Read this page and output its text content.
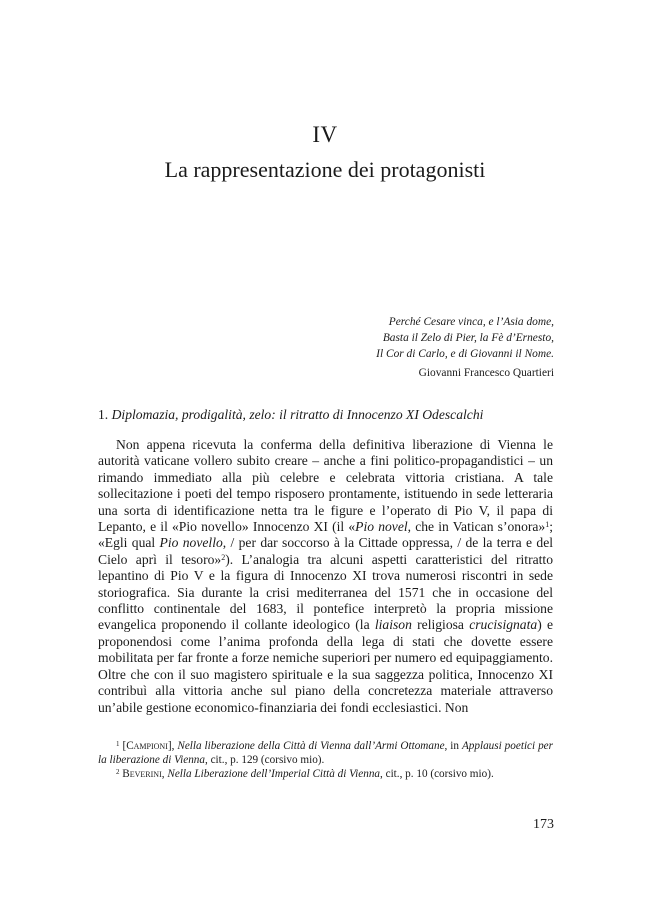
IV
La rappresentazione dei protagonisti
Perché Cesare vinca, e l’Asia dome,
Basta il Zelo di Pier, la Fè d’Ernesto,
Il Cor di Carlo, e di Giovanni il Nome.
Giovanni Francesco Quartieri
1. Diplomazia, prodigalità, zelo: il ritratto di Innocenzo XI Odescalchi

Non appena ricevuta la conferma della definitiva liberazione di Vienna le autorità vaticane vollero subito creare – anche a fini politico-propagandistici – un rimando immediato alla più celebre e celebrata vittoria cristiana. A tale sollecitazione i poeti del tempo risposero prontamente, istituendo in sede letteraria una sorta di identificazione netta tra le figure e l’operato di Pio V, il papa di Lepanto, e il «Pio novello» Innocenzo XI (il «Pio novel, che in Vatican s’onora»$^1$; «Egli qual Pio novello, / per dar soccorso à la Cittade oppressa, / de la terra e del Cielo aprì il tesoro»$^2$). L’analogia tra alcuni aspetti caratteristici del ritratto lepantino di Pio V e la figura di Innocenzo XI trova numerosi riscontri in sede storiografica. Sia durante la crisi mediterranea del 1571 che in occasione del conflitto continentale del 1683, il pontefice interpretò la propria missione evangelica proponendo il collante ideologico (la liaison religiosa crucisignata) e proponendosi come l’anima profonda della lega di stati che dovette essere mobilitata per far fronte a forze nemiche superiori per numero ed equipaggiamento. Oltre che con il suo magistero spirituale e la sua saggezza politica, Innocenzo XI contribuì alla vittoria anche sul piano della concretezza materiale attraverso un’abile gestione economico-finanziaria dei fondi ecclesiastici. Non

$^1$ [Campioni], Nella liberazione della Città di Vienna dall’Armi Ottomane, in Applausi poetici per la liberazione di Vienna, cit., p. 129 (corsivo mio).
$^2$ Beverini, Nella Liberazione dell’Imperial Città di Vienna, cit., p. 10 (corsivo mio).
173
